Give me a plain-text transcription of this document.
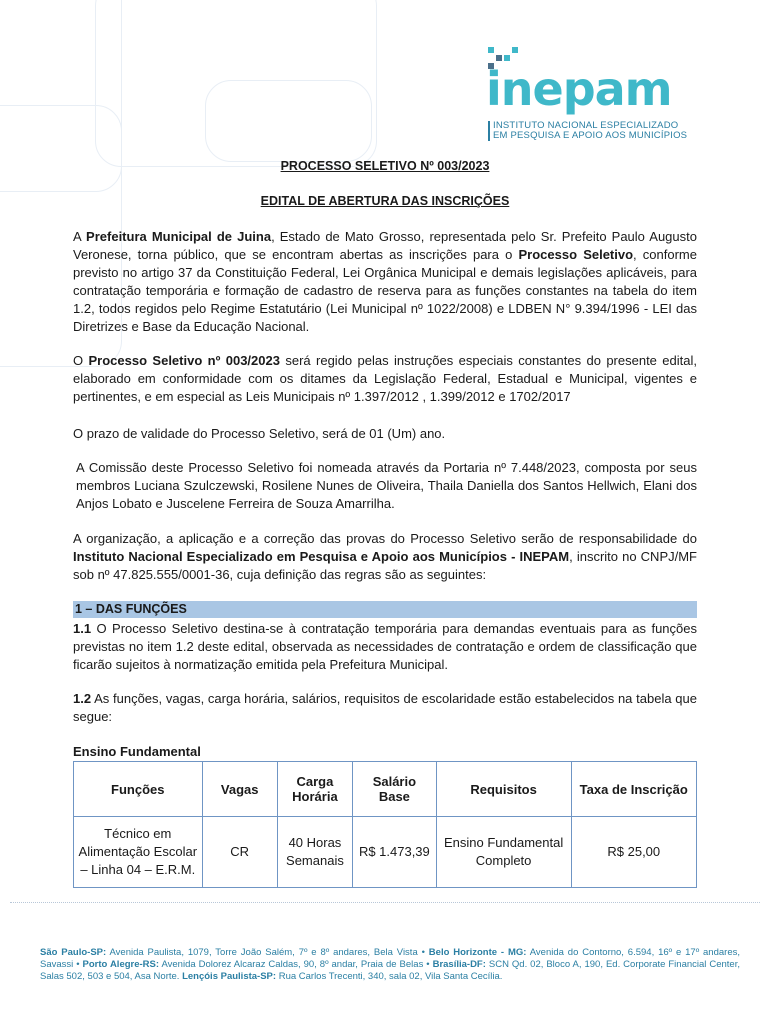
inepam
INSTITUTO NACIONAL ESPECIALIZADO
EM PESQUISA E APOIO AOS MUNICÍPIOS
PROCESSO SELETIVO Nº 003/2023
EDITAL DE ABERTURA DAS INSCRIÇÕES
A Prefeitura Municipal de Juina, Estado de Mato Grosso, representada pelo Sr. Prefeito Paulo Augusto Veronese, torna público, que se encontram abertas as inscrições para o Processo Seletivo, conforme previsto no artigo 37 da Constituição Federal, Lei Orgânica Municipal e demais legislações aplicáveis, para contratação temporária e formação de cadastro de reserva para as funções constantes na tabela do item 1.2, todos regidos pelo Regime Estatutário (Lei Municipal nº 1022/2008) e LDBEN N° 9.394/1996 - LEI das Diretrizes e Base da Educação Nacional.
O Processo Seletivo nº 003/2023 será regido pelas instruções especiais constantes do presente edital, elaborado em conformidade com os ditames da Legislação Federal, Estadual e Municipal, vigentes e pertinentes, e em especial as Leis Municipais nº 1.397/2012 , 1.399/2012 e 1702/2017
O prazo de validade do Processo Seletivo, será de 01 (Um) ano.
A Comissão deste Processo Seletivo foi nomeada através da Portaria nº 7.448/2023, composta por seus membros Luciana Szulczewski, Rosilene Nunes de Oliveira, Thaila Daniella dos Santos Hellwich, Elani dos Anjos Lobato e Juscelene Ferreira de Souza Amarrilha.
A organização, a aplicação e a correção das provas do Processo Seletivo serão de responsabilidade do Instituto Nacional Especializado em Pesquisa e Apoio aos Municípios - INEPAM, inscrito no CNPJ/MF sob nº 47.825.555/0001-36, cuja definição das regras são as seguintes:
1 – DAS FUNÇÕES
1.1 O Processo Seletivo destina-se à contratação temporária para demandas eventuais para as funções previstas no item 1.2 deste edital, observada as necessidades de contratação e ordem de classificação que ficarão sujeitos à normatização emitida pela Prefeitura Municipal.
1.2 As funções, vagas, carga horária, salários, requisitos de escolaridade estão estabelecidos na tabela que segue:
Ensino Fundamental
Funções	Vagas	Carga Horária	Salário Base	Requisitos	Taxa de Inscrição
Técnico em Alimentação Escolar – Linha 04 – E.R.M.	CR	40 Horas Semanais	R$ 1.473,39	Ensino Fundamental Completo	R$ 25,00
São Paulo-SP: Avenida Paulista, 1079, Torre João Salém, 7º e 8º andares, Bela Vista • Belo Horizonte - MG: Avenida do Contorno, 6.594, 16º e 17º andares, Savassi • Porto Alegre-RS: Avenida Dolorez Alcaraz Caldas, 90, 8º andar, Praia de Belas • Brasília-DF: SCN Qd. 02, Bloco A, 190, Ed. Corporate Financial Center, Salas 502, 503 e 504, Asa Norte. Lençóis Paulista-SP: Rua Carlos Trecenti, 340, sala 02, Vila Santa Cecília.
